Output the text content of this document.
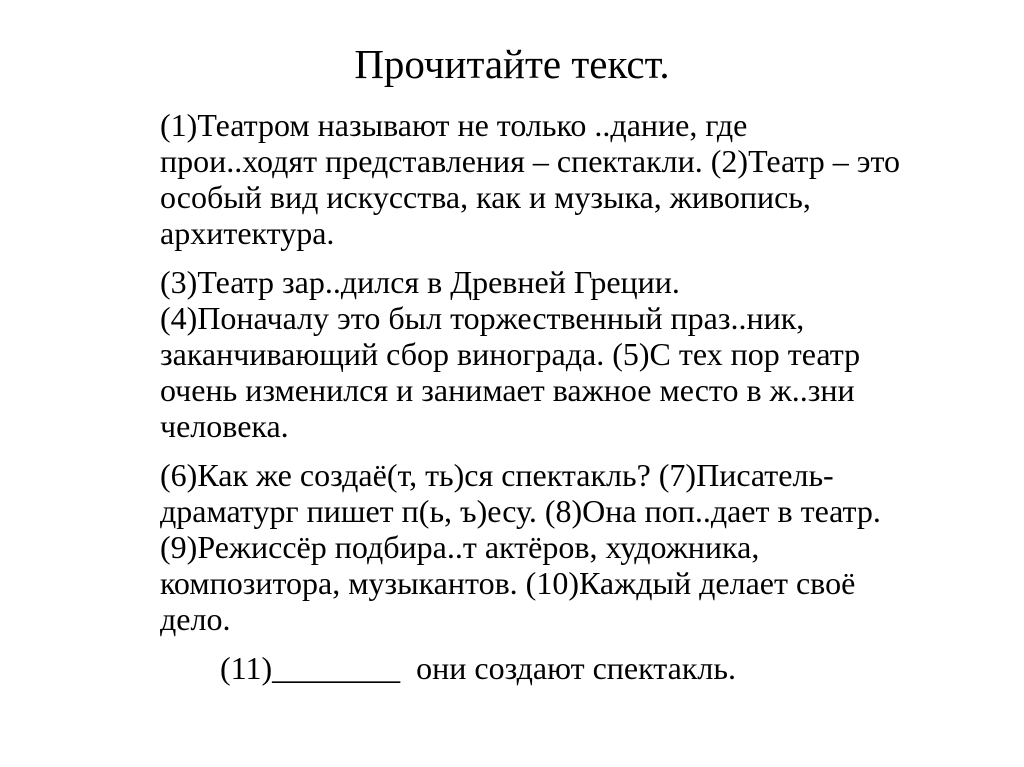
Прочитайте текст.

(1)Театром называют не только ..дание, где
прои..ходят представления – спектакли. (2)Театр – это
особый вид искусства, как и музыка, живопись,
архитектура.

(3)Театр зар..дился в Древней Греции.
(4)Поначалу это был торжественный праз..ник,
заканчивающий сбор винограда. (5)С тех пор театр
очень изменился и занимает важное место в ж..зни
человека.

(6)Как же создаё(т, ть)ся спектакль? (7)Писатель-
драматург пишет п(ь, ъ)есу. (8)Она поп..дает в театр.
(9)Режиссёр подбира..т актёров, художника,
композитора, музыкантов. (10)Каждый делает своё
дело.

(11)________  они создают спектакль.
